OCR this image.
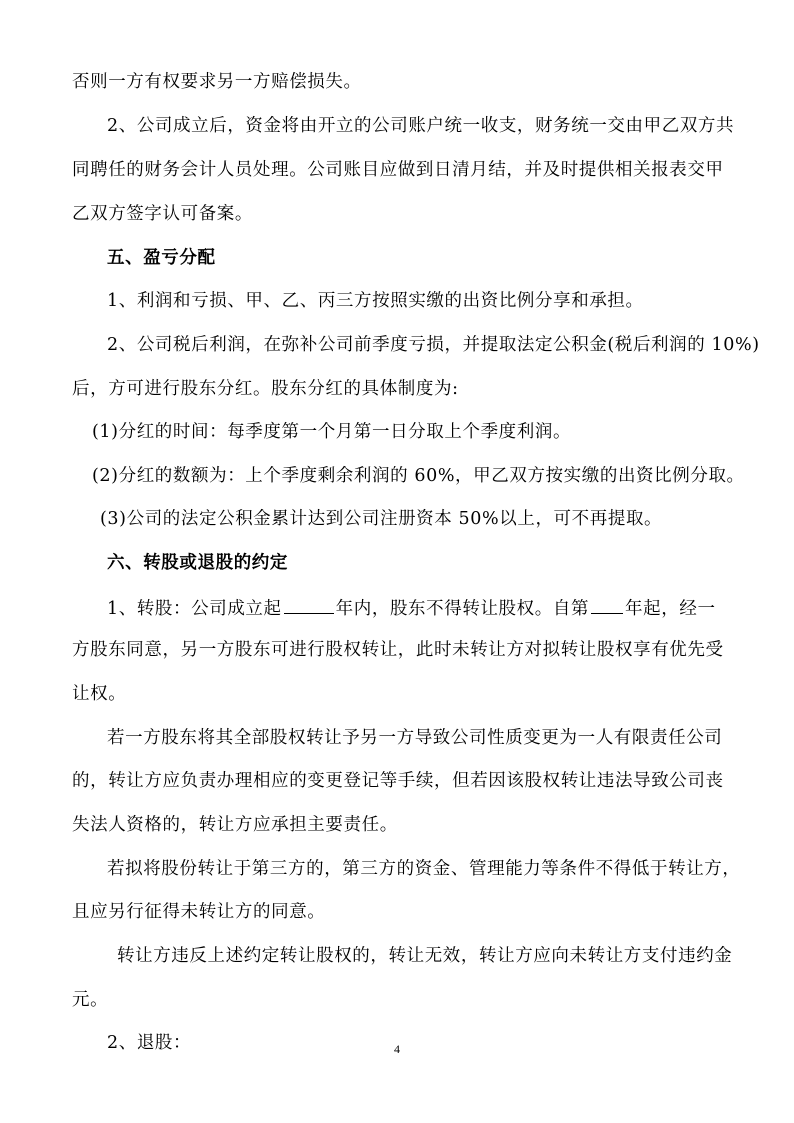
否则一方有权要求另一方赔偿损失。
2、公司成立后，资金将由开立的公司账户统一收支，财务统一交由甲乙双方共
同聘任的财务会计人员处理。公司账目应做到日清月结，并及时提供相关报表交甲
乙双方签字认可备案。
五、盈亏分配
1、利润和亏损、甲、乙、丙三方按照实缴的出资比例分享和承担。
2、公司税后利润，在弥补公司前季度亏损，并提取法定公积金(税后利润的 10%)
后，方可进行股东分红。股东分红的具体制度为:
(1)分红的时间：每季度第一个月第一日分取上个季度利润。
(2)分红的数额为：上个季度剩余利润的 60%，甲乙双方按实缴的出资比例分取。
(3)公司的法定公积金累计达到公司注册资本 50%以上，可不再提取。
六、转股或退股的约定
1、转股：公司成立起	年内，股东不得转让股权。自第 年起，经一
方股东同意，另一方股东可进行股权转让，此时未转让方对拟转让股权享有优先受
让权。
若一方股东将其全部股权转让予另一方导致公司性质变更为一人有限责任公司
的，转让方应负责办理相应的变更登记等手续，但若因该股权转让违法导致公司丧
失法人资格的，转让方应承担主要责任。
若拟将股份转让于第三方的，第三方的资金、管理能力等条件不得低于转让方，
且应另行征得未转让方的同意。
转让方违反上述约定转让股权的，转让无效，转让方应向未转让方支付违约金
元。
2、退股：	4
